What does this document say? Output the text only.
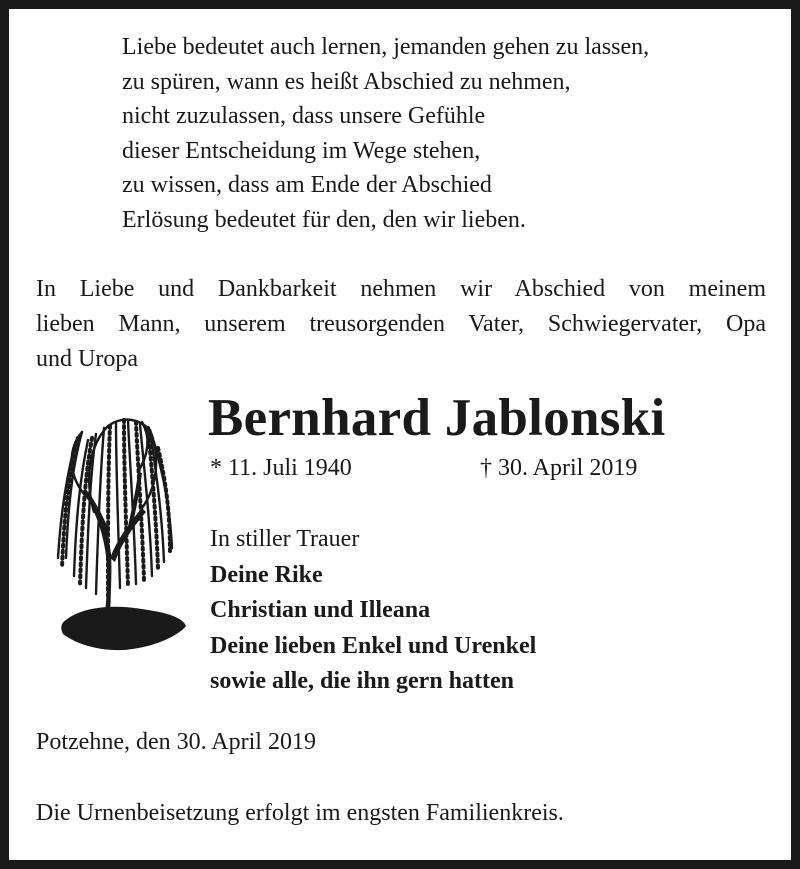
Liebe bedeutet auch lernen, jemanden gehen zu lassen,
zu spüren, wann es heißt Abschied zu nehmen,
nicht zuzulassen, dass unsere Gefühle
dieser Entscheidung im Wege stehen,
zu wissen, dass am Ende der Abschied
Erlösung bedeutet für den, den wir lieben.
In Liebe und Dankbarkeit nehmen wir Abschied von meinem
lieben Mann, unserem treusorgenden Vater, Schwiegervater, Opa
und Uropa
Bernhard Jablonski
* 11. Juli 1940	† 30. April 2019
In stiller Trauer
Deine Rike
Christian und Illeana
Deine lieben Enkel und Urenkel
sowie alle, die ihn gern hatten
Potzehne, den 30. April 2019
Die Urnenbeisetzung erfolgt im engsten Familienkreis.
